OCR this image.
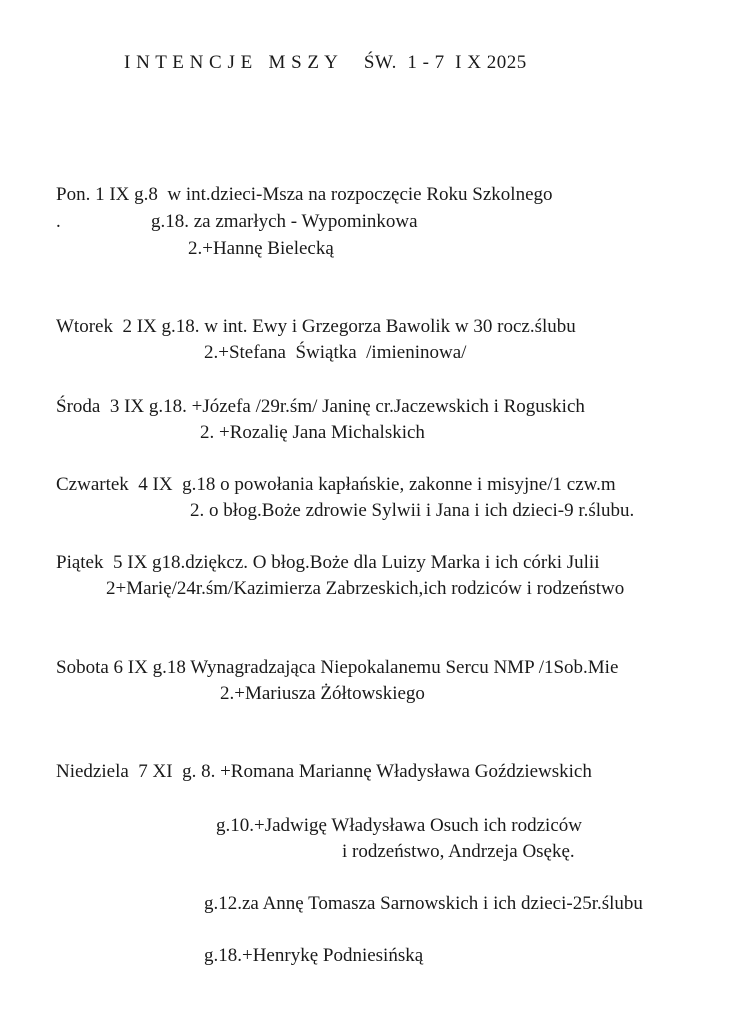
I N T E N C J E   M S Z Y     ŚW.  1 - 7  I X 2025
Pon. 1 IX g.8  w int.dzieci-Msza na rozpoczęcie Roku Szkolnego
.                   g.18. za zmarłych - Wypominkowa
2.+Hannę Bielecką
Wtorek  2 IX g.18. w int. Ewy i Grzegorza Bawolik w 30 rocz.ślubu
2.+Stefana  Świątka  /imieninowa/
Środa  3 IX g.18. +Józefa /29r.śm/ Janinę cr.Jaczewskich i Roguskich
2. +Rozalię Jana Michalskich
Czwartek  4 IX  g.18 o powołania kapłańskie, zakonne i misyjne/1 czw.m
2. o błog.Boże zdrowie Sylwii i Jana i ich dzieci-9 r.ślubu.
Piątek  5 IX g18.dziękcz. O błog.Boże dla Luizy Marka i ich córki Julii
2+Marię/24r.śm/Kazimierza Zabrzeskich,ich rodziców i rodzeństwo
Sobota 6 IX g.18 Wynagradzająca Niepokalanemu Sercu NMP /1Sob.Mie
2.+Mariusza Żółtowskiego
Niedziela  7 XI  g. 8. +Romana Mariannę Władysława Goździewskich
g.10.+Jadwigę Władysława Osuch ich rodziców
i rodzeństwo, Andrzeja Osękę.
g.12.za Annę Tomasza Sarnowskich i ich dzieci-25r.ślubu
g.18.+Henrykę Podniesińską
